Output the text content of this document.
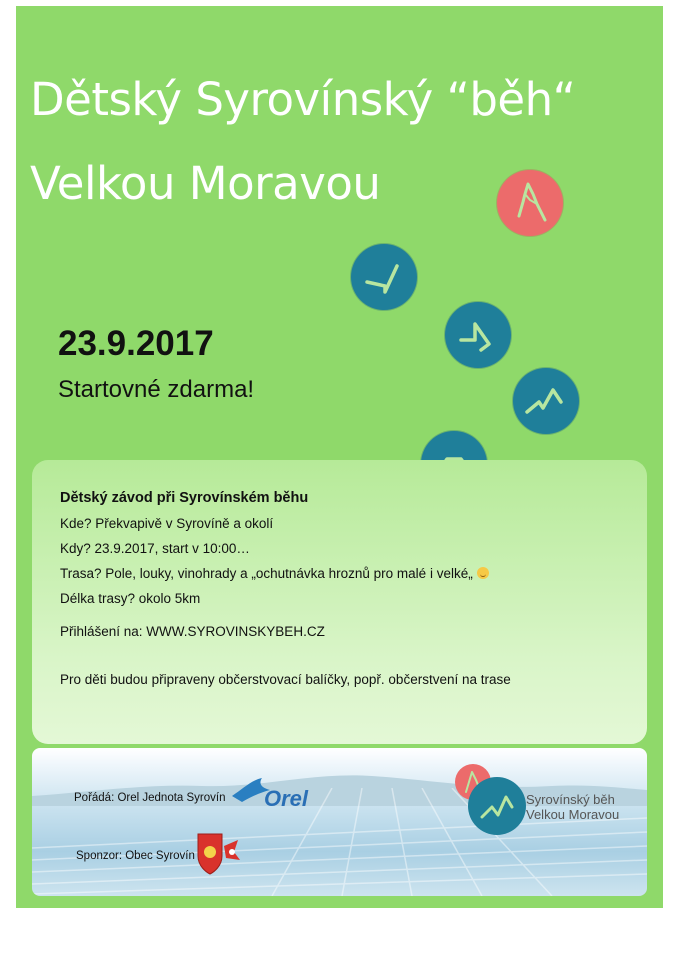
Dětský Syrovínský “běh“
Velkou Moravou
23.9.2017
Startovné zdarma!
Dětský závod při Syrovínském běhu
Kde? Překvapivě v Syrovíně a okolí
Kdy? 23.9.2017, start v 10:00…
Trasa? Pole, louky, vinohrady a „ochutnávka hroznů pro malé i velké„
Délka trasy? okolo 5km
Přihlášení na: WWW.SYROVINSKYBEH.CZ
Pro děti budou připraveny občerstvovací balíčky, popř. občerstvení na trase
Pořádá: Orel Jednota Syrovín Orel
Sponzor: Obec Syrovín
Syrovínský běh
Velkou Moravou
